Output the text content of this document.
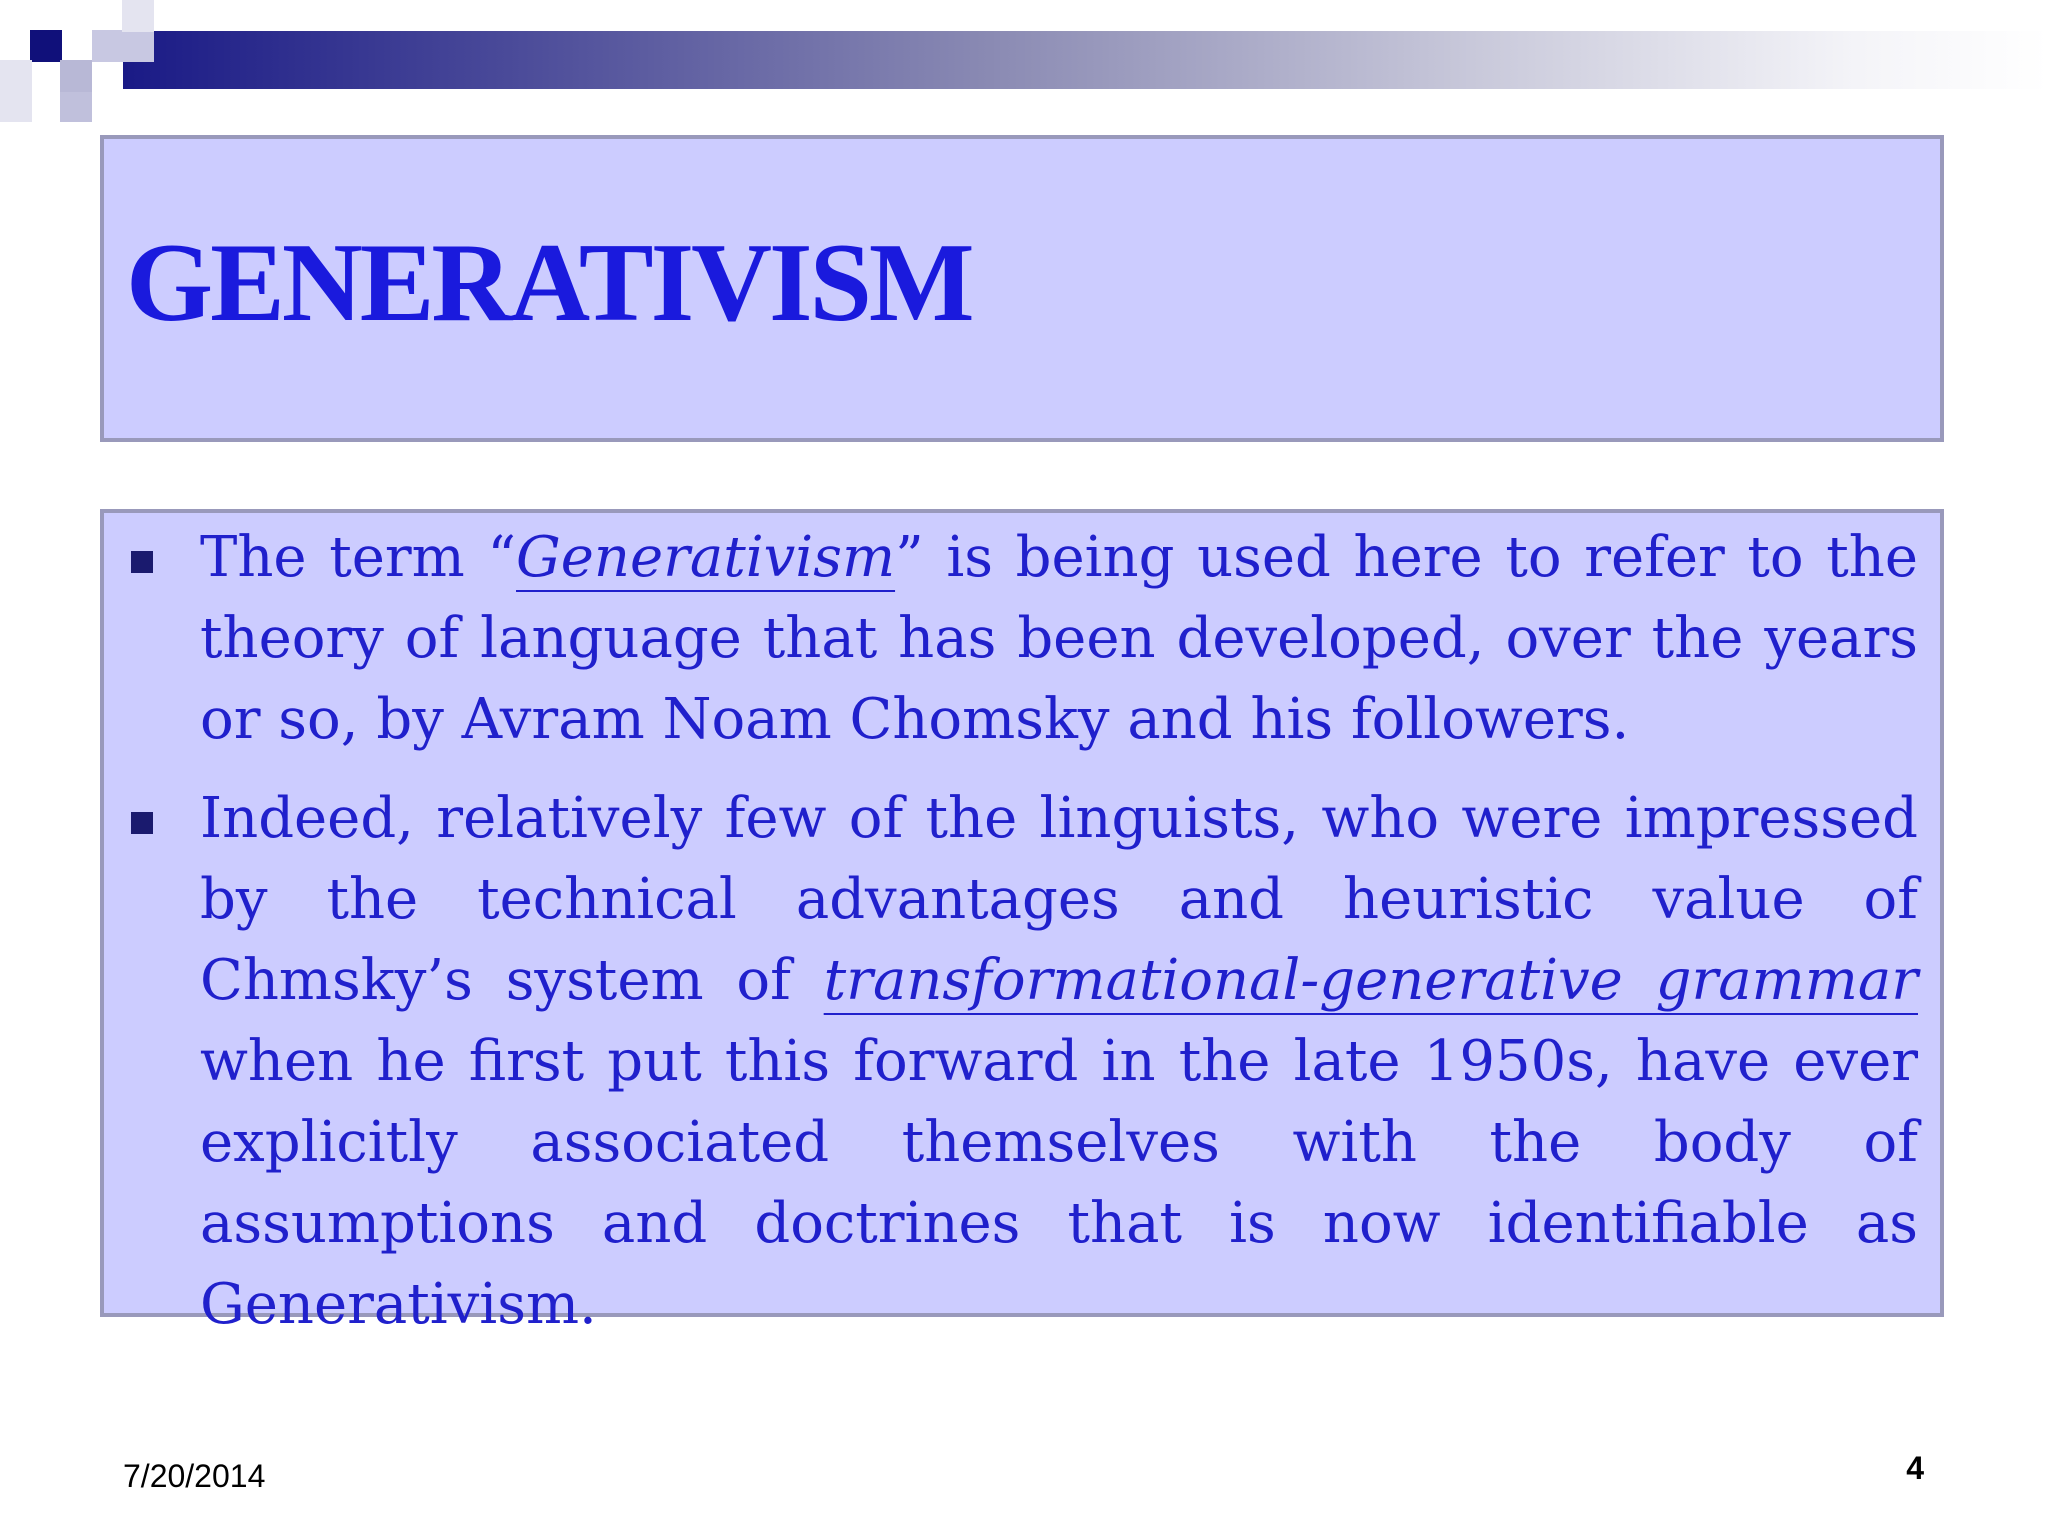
GENERATIVISM
The term “Generativism” is being used here to refer to the theory of language that has been developed, over the years or so, by Avram Noam Chomsky and his followers.
Indeed, relatively few of the linguists, who were impressed by the technical advantages and heuristic value of Chmsky’s system of transformational-generative grammar when he first put this forward in the late 1950s, have ever explicitly associated themselves with the body of assumptions and doctrines that is now identifiable as Generativism.
7/20/2014	4
